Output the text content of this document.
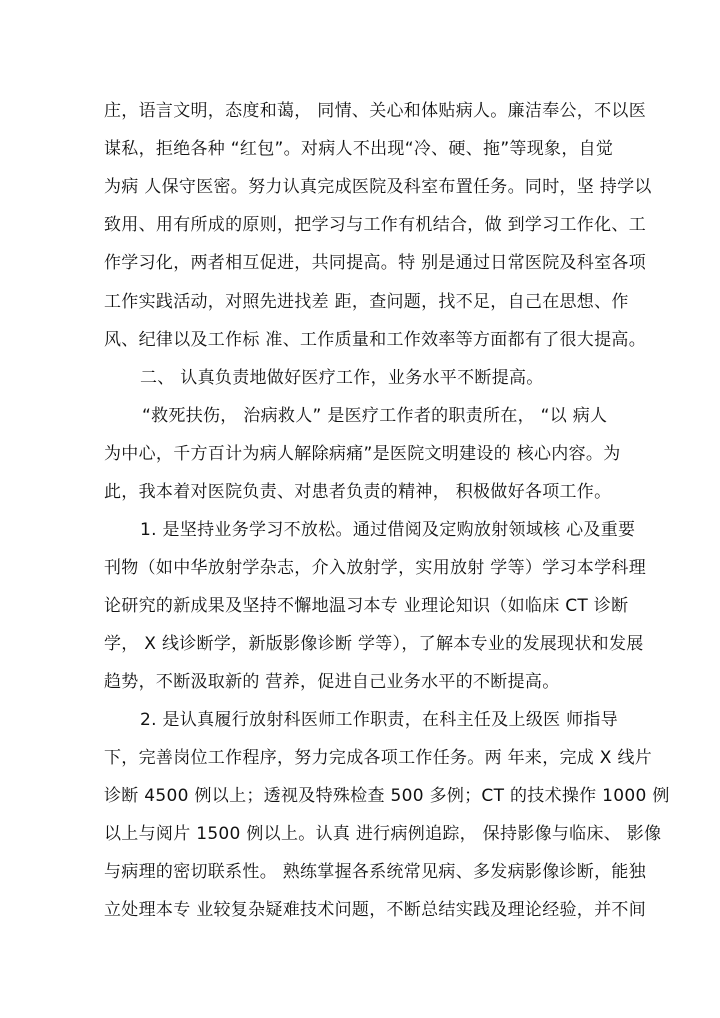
庄，语言文明，态度和蔼， 同情、关心和体贴病人。廉洁奉公，不以医
谋私，拒绝各种 “红包”。对病人不出现“冷、硬、拖”等现象，自觉
为病 人保守医密。努力认真完成医院及科室布置任务。同时，坚 持学以
致用、用有所成的原则，把学习与工作有机结合，做 到学习工作化、工
作学习化，两者相互促进，共同提高。特 别是通过日常医院及科室各项
工作实践活动，对照先进找差 距，查问题，找不足，自己在思想、作
风、纪律以及工作标 准、工作质量和工作效率等方面都有了很大提高。
二、 认真负责地做好医疗工作，业务水平不断提高。
“救死扶伤， 治病救人” 是医疗工作者的职责所在， “以 病人
为中心，千方百计为病人解除病痛”是医院文明建设的 核心内容。为
此，我本着对医院负责、对患者负责的精神， 积极做好各项工作。
1. 是坚持业务学习不放松。通过借阅及定购放射领域核 心及重要
刊物（如中华放射学杂志，介入放射学，实用放射 学等）学习本学科理
论研究的新成果及坚持不懈地温习本专 业理论知识（如临床 CT 诊断
学， X 线诊断学，新版影像诊断 学等），了解本专业的发展现状和发展
趋势，不断汲取新的 营养，促进自己业务水平的不断提高。
2. 是认真履行放射科医师工作职责，在科主任及上级医 师指导
下，完善岗位工作程序，努力完成各项工作任务。两 年来，完成 X 线片
诊断 4500 例以上；透视及特殊检查 500 多例；CT 的技术操作 1000 例
以上与阅片 1500 例以上。认真 进行病例追踪， 保持影像与临床、 影像
与病理的密切联系性。 熟练掌握各系统常见病、多发病影像诊断，能独
立处理本专 业较复杂疑难技术问题，不断总结实践及理论经验，并不间
